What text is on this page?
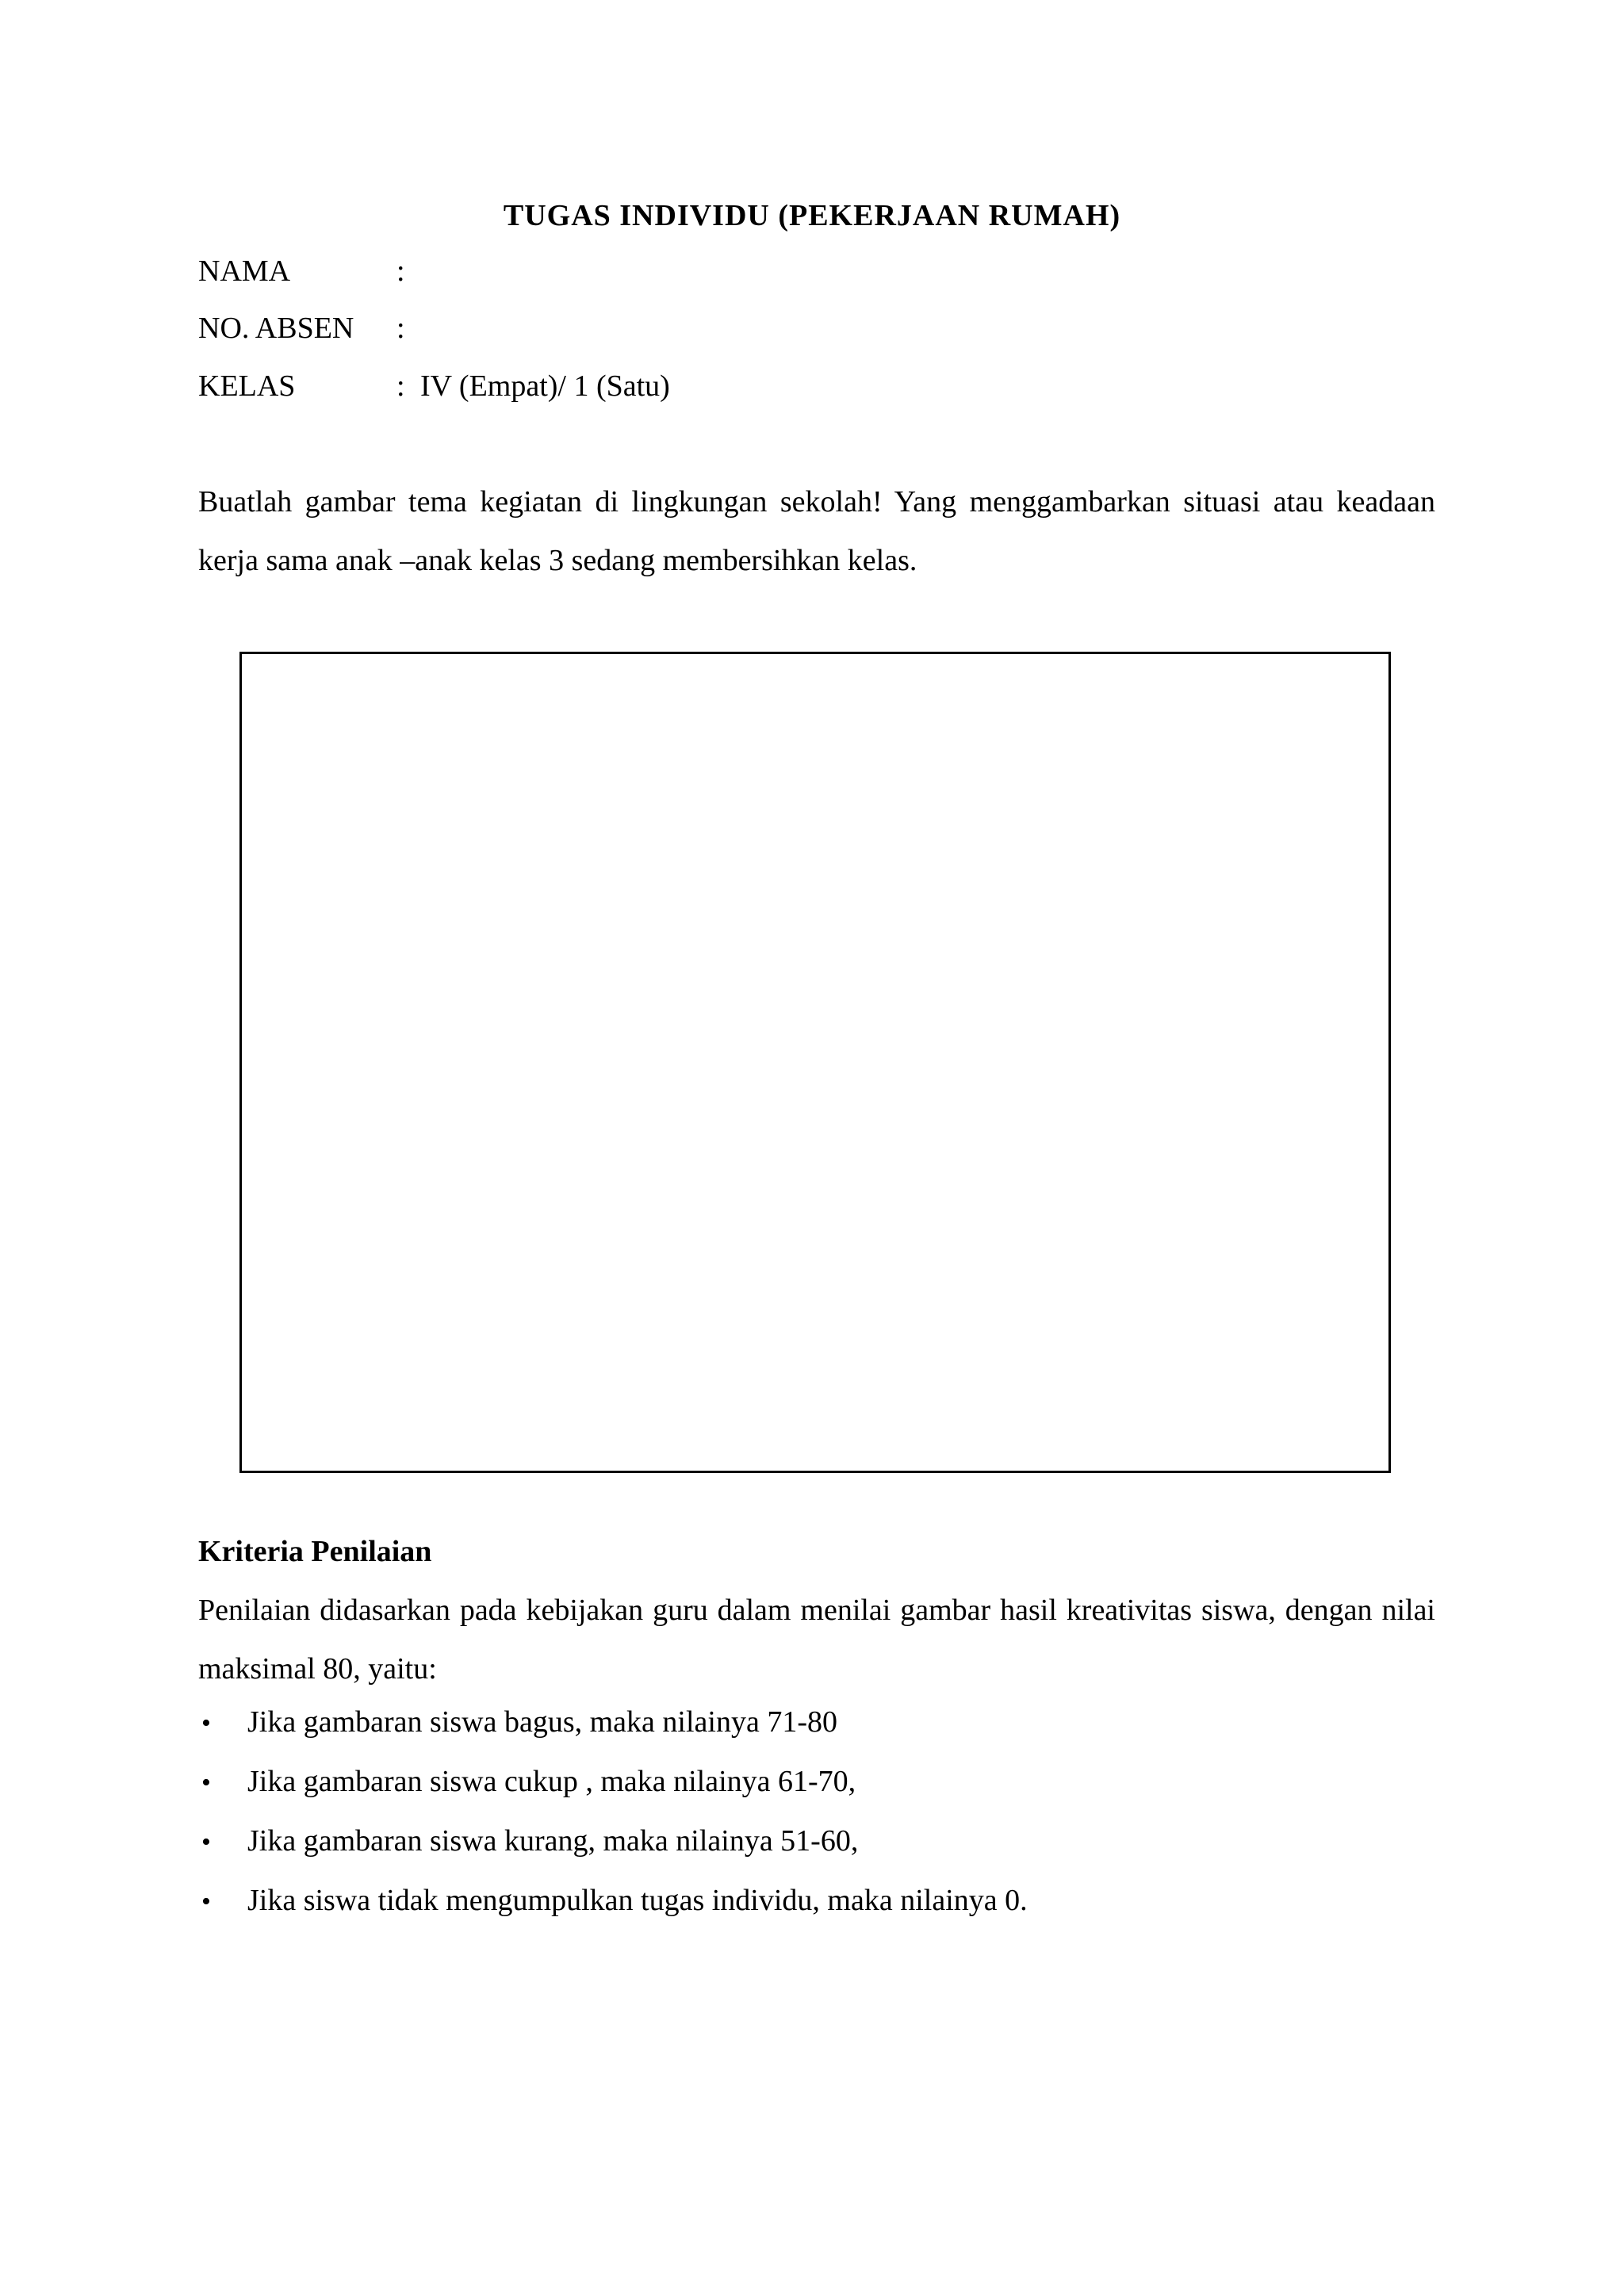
TUGAS INDIVIDU (PEKERJAAN RUMAH)
NAMA	:
NO. ABSEN :
KELAS	: IV (Empat)/ 1 (Satu)
Buatlah gambar tema kegiatan di lingkungan sekolah! Yang menggambarkan situasi atau keadaan kerja sama anak –anak kelas 3 sedang membersihkan kelas.
Kriteria Penilaian
Penilaian didasarkan pada kebijakan guru dalam menilai gambar hasil kreativitas siswa, dengan nilai maksimal 80, yaitu:
• Jika gambaran siswa bagus, maka nilainya 71-80
• Jika gambaran siswa cukup , maka nilainya 61-70,
• Jika gambaran siswa kurang, maka nilainya 51-60,
• Jika siswa tidak mengumpulkan tugas individu, maka nilainya 0.
